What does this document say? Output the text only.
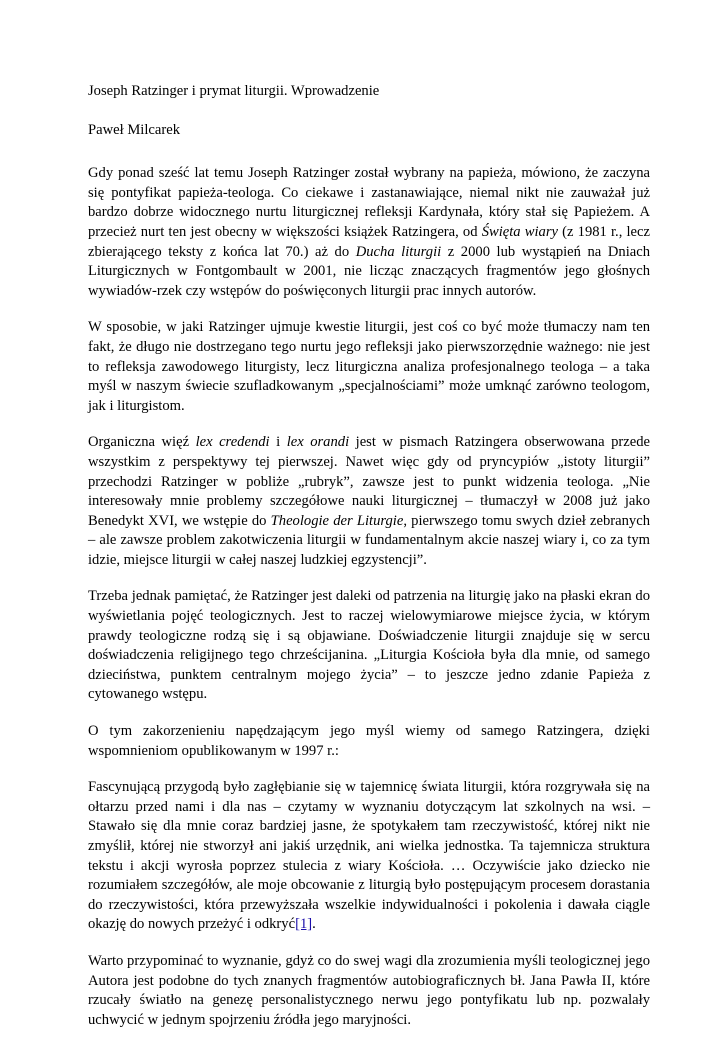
Joseph Ratzinger i prymat liturgii. Wprowadzenie

Paweł Milcarek

Gdy ponad sześć lat temu Joseph Ratzinger został wybrany na papieża, mówiono, że zaczyna się pontyfikat papieża-teologa. Co ciekawe i zastanawiające, niemal nikt nie zauważał już bardzo dobrze widocznego nurtu liturgicznej refleksji Kardynała, który stał się Papieżem. A przecież nurt ten jest obecny w większości książek Ratzingera, od Święta wiary (z 1981 r., lecz zbierającego teksty z końca lat 70.) aż do Ducha liturgii z 2000 lub wystąpień na Dniach Liturgicznych w Fontgombault w 2001, nie licząc znaczących fragmentów jego głośnych wywiadów-rzek czy wstępów do poświęconych liturgii prac innych autorów.

W sposobie, w jaki Ratzinger ujmuje kwestie liturgii, jest coś co być może tłumaczy nam ten fakt, że długo nie dostrzegano tego nurtu jego refleksji jako pierwszorzędnie ważnego: nie jest to refleksja zawodowego liturgisty, lecz liturgiczna analiza profesjonalnego teologa – a taka myśl w naszym świecie szufladkowanym „specjalnościami” może umknąć zarówno teologom, jak i liturgistom.

Organiczna więź lex credendi i lex orandi jest w pismach Ratzingera obserwowana przede wszystkim z perspektywy tej pierwszej. Nawet więc gdy od pryncypiów „istoty liturgii” przechodzi Ratzinger w pobliże „rubryk”, zawsze jest to punkt widzenia teologa. „Nie interesowały mnie problemy szczegółowe nauki liturgicznej – tłumaczył w 2008 już jako Benedykt XVI, we wstępie do Theologie der Liturgie, pierwszego tomu swych dzieł zebranych – ale zawsze problem zakotwiczenia liturgii w fundamentalnym akcie naszej wiary i, co za tym idzie, miejsce liturgii w całej naszej ludzkiej egzystencji”.

Trzeba jednak pamiętać, że Ratzinger jest daleki od patrzenia na liturgię jako na płaski ekran do wyświetlania pojęć teologicznych. Jest to raczej wielowymiarowe miejsce życia, w którym prawdy teologiczne rodzą się i są objawiane. Doświadczenie liturgii znajduje się w sercu doświadczenia religijnego tego chrześcijanina. „Liturgia Kościoła była dla mnie, od samego dzieciństwa, punktem centralnym mojego życia” – to jeszcze jedno zdanie Papieża z cytowanego wstępu.

O tym zakorzenieniu napędzającym jego myśl wiemy od samego Ratzingera, dzięki wspomnieniom opublikowanym w 1997 r.:

Fascynującą przygodą było zagłębianie się w tajemnicę świata liturgii, która rozgrywała się na ołtarzu przed nami i dla nas – czytamy w wyznaniu dotyczącym lat szkolnych na wsi. – Stawało się dla mnie coraz bardziej jasne, że spotykałem tam rzeczywistość, której nikt nie zmyślił, której nie stworzył ani jakiś urzędnik, ani wielka jednostka. Ta tajemnicza struktura tekstu i akcji wyrosła poprzez stulecia z wiary Kościoła. … Oczywiście jako dziecko nie rozumiałem szczegółów, ale moje obcowanie z liturgią było postępującym procesem dorastania do rzeczywistości, która przewyższała wszelkie indywidualności i pokolenia i dawała ciągle okazję do nowych przeżyć i odkryć[1].

Warto przypominać to wyznanie, gdyż co do swej wagi dla zrozumienia myśli teologicznej jego Autora jest podobne do tych znanych fragmentów autobiograficznych bł. Jana Pawła II, które rzucały światło na genezę personalistycznego nerwu jego pontyfikatu lub np. pozwalały uchwycić w jednym spojrzeniu źródła jego maryjności.
